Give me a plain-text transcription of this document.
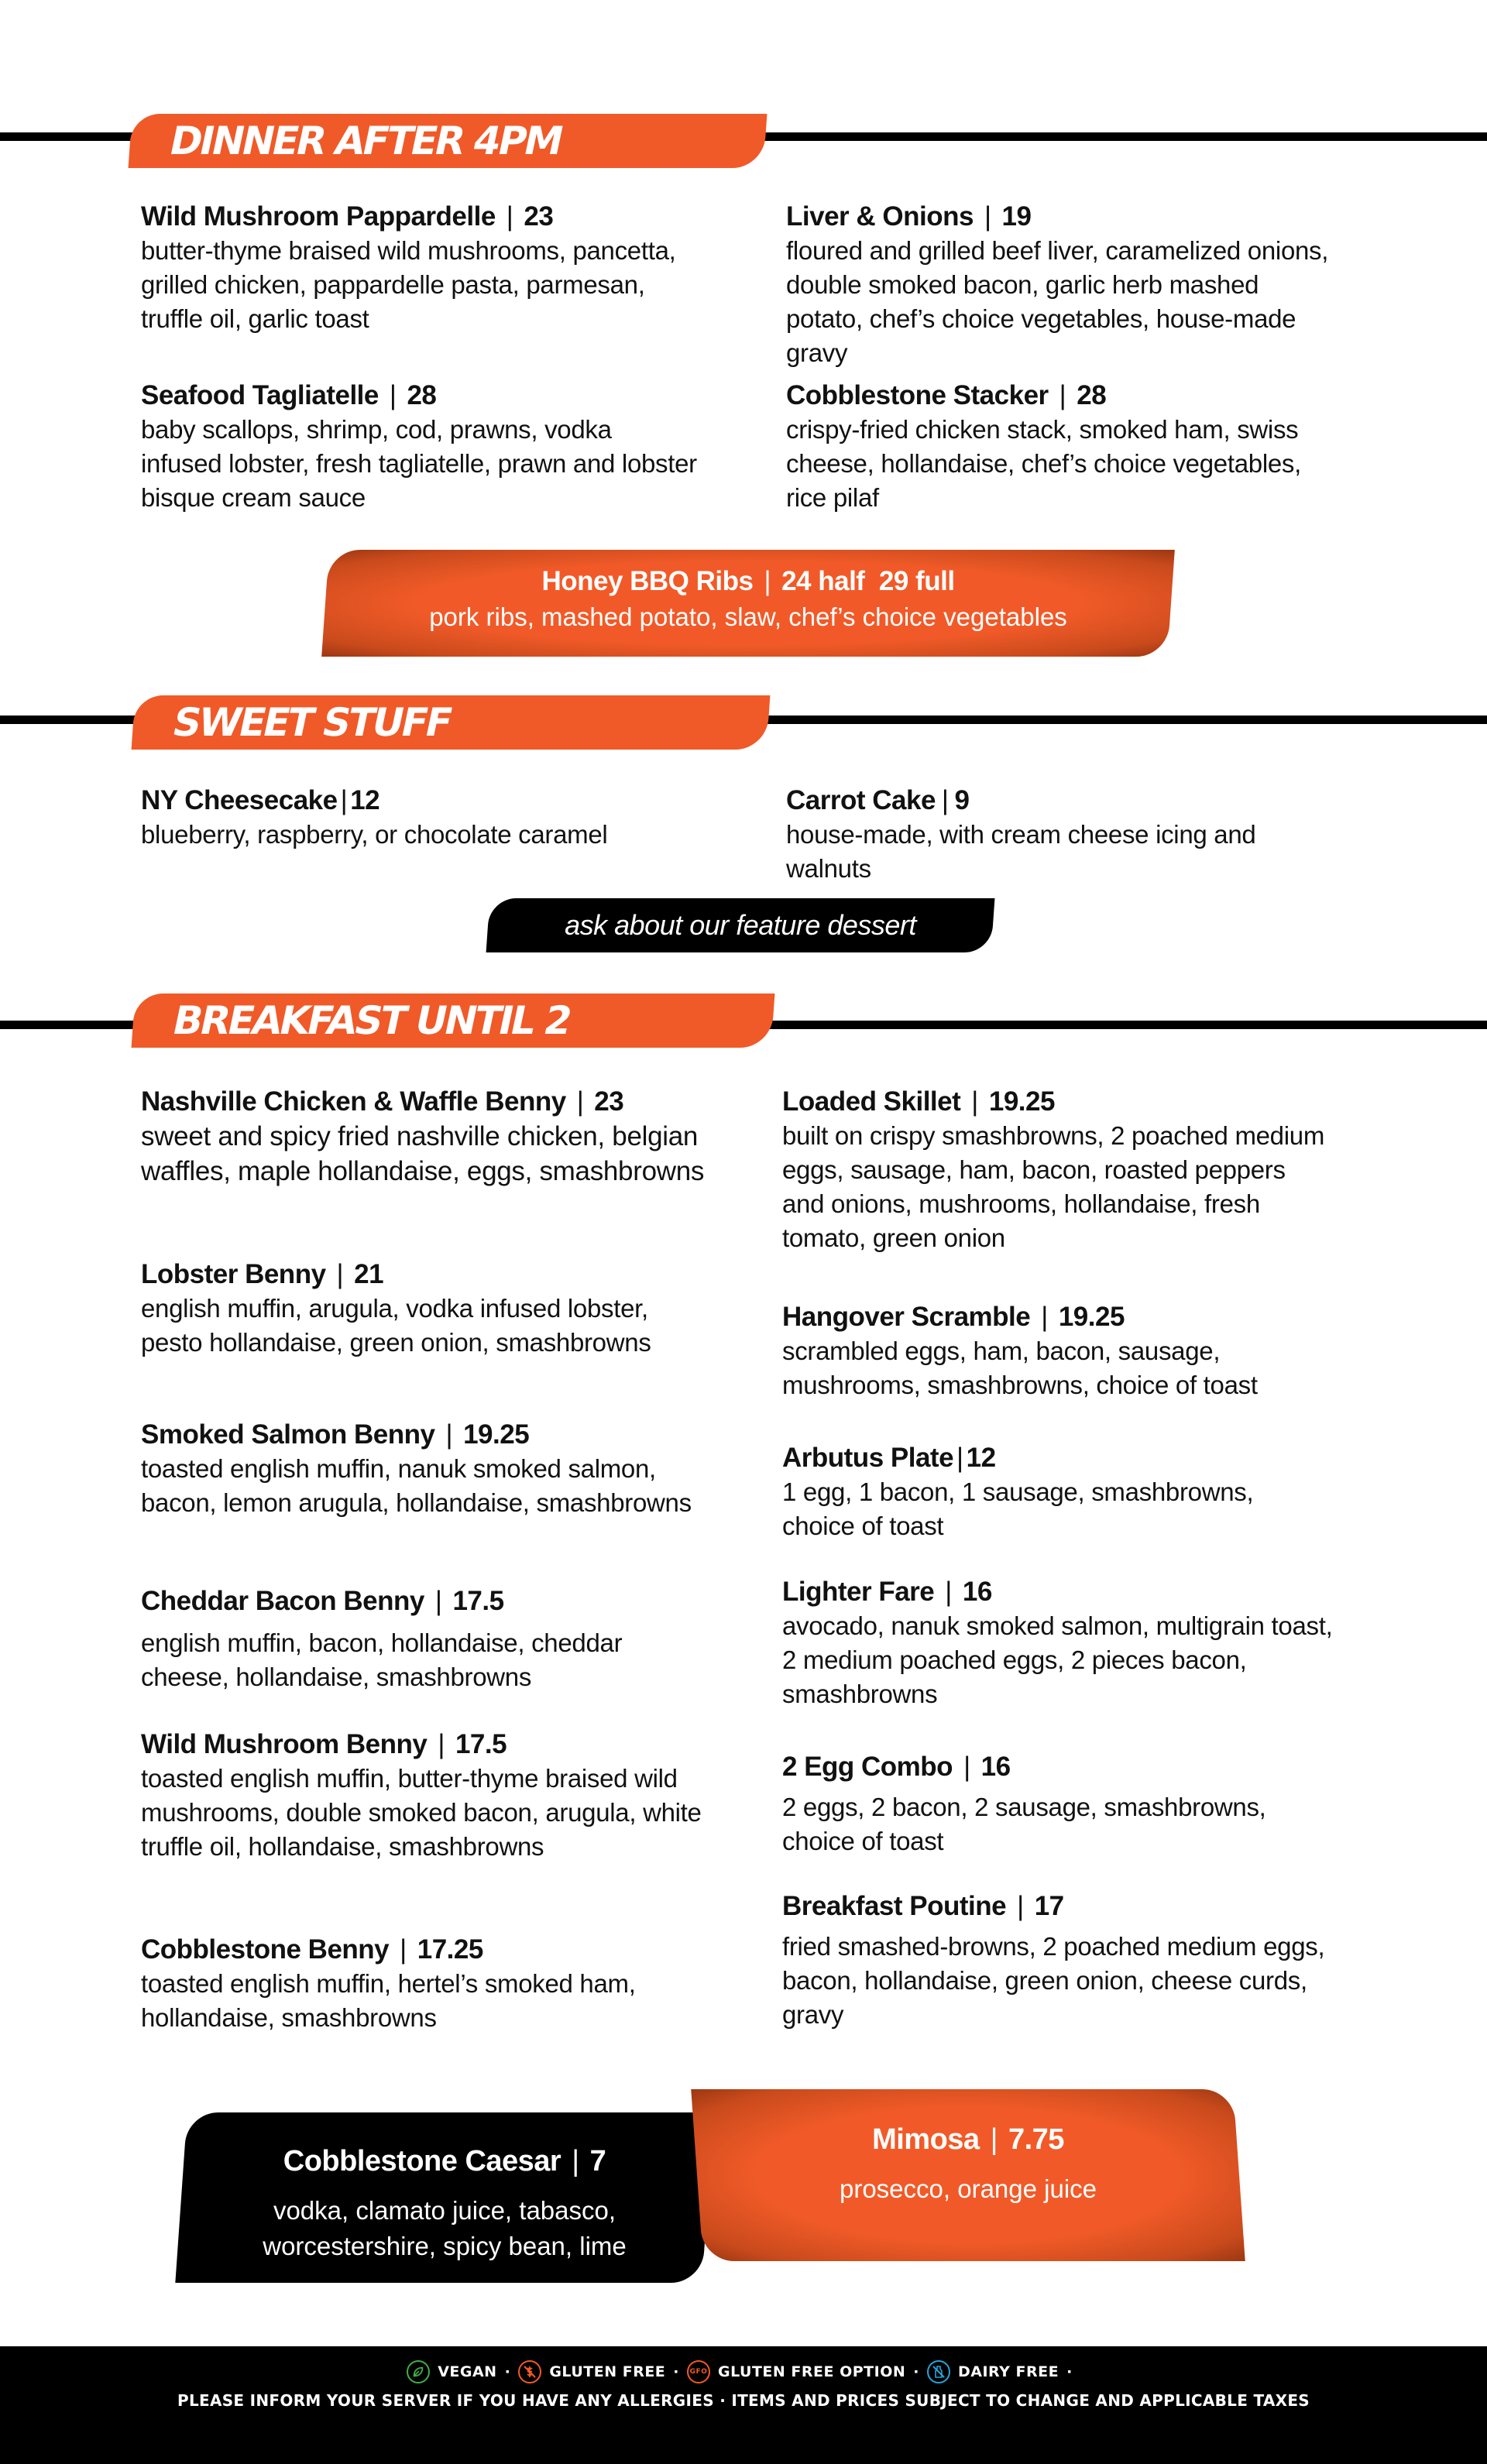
DINNER AFTER 4PM
Wild Mushroom Pappardelle | 23
butter-thyme braised wild mushrooms, pancetta, grilled chicken, pappardelle pasta, parmesan, truffle oil, garlic toast
Seafood Tagliatelle | 28
baby scallops, shrimp, cod, prawns, vodka infused lobster, fresh tagliatelle, prawn and lobster bisque cream sauce
Liver & Onions | 19
floured and grilled beef liver, caramelized onions, double smoked bacon, garlic herb mashed potato, chef’s choice vegetables, house-made gravy
Cobblestone Stacker | 28
crispy-fried chicken stack, smoked ham, swiss cheese, hollandaise, chef’s choice vegetables, rice pilaf
Honey BBQ Ribs | 24 half  29 full
pork ribs, mashed potato, slaw, chef’s choice vegetables
SWEET STUFF
NY Cheesecake | 12
blueberry, raspberry, or chocolate caramel
Carrot Cake | 9
house-made, with cream cheese icing and walnuts
ask about our feature dessert
BREAKFAST UNTIL 2
Nashville Chicken & Waffle Benny | 23
sweet and spicy fried nashville chicken, belgian waffles, maple hollandaise, eggs, smashbrowns
Lobster Benny | 21
english muffin, arugula, vodka infused lobster, pesto hollandaise, green onion, smashbrowns
Smoked Salmon Benny | 19.25
toasted english muffin, nanuk smoked salmon, bacon, lemon arugula, hollandaise, smashbrowns
Cheddar Bacon Benny | 17.5
english muffin, bacon, hollandaise, cheddar cheese, hollandaise, smashbrowns
Wild Mushroom Benny | 17.5
toasted english muffin, butter-thyme braised wild mushrooms, double smoked bacon, arugula, white truffle oil, hollandaise, smashbrowns
Cobblestone Benny | 17.25
toasted english muffin, hertel’s smoked ham, hollandaise, smashbrowns
Loaded Skillet | 19.25
built on crispy smashbrowns, 2 poached medium eggs, sausage, ham, bacon, roasted peppers and onions, mushrooms, hollandaise, fresh tomato, green onion
Hangover Scramble | 19.25
scrambled eggs, ham, bacon, sausage, mushrooms, smashbrowns, choice of toast
Arbutus Plate | 12
1 egg, 1 bacon, 1 sausage, smashbrowns, choice of toast
Lighter Fare | 16
avocado, nanuk smoked salmon, multigrain toast, 2 medium poached eggs, 2 pieces bacon, smashbrowns
2 Egg Combo | 16
2 eggs, 2 bacon, 2 sausage, smashbrowns, choice of toast
Breakfast Poutine | 17
fried smashed-browns, 2 poached medium eggs, bacon, hollandaise, green onion, cheese curds, gravy
Cobblestone Caesar | 7
vodka, clamato juice, tabasco,
worcestershire, spicy bean, lime
Mimosa | 7.75
prosecco, orange juice
VEGAN ·	GLUTEN FREE · GFO GLUTEN FREE OPTION ·	DAIRY FREE ·
PLEASE INFORM YOUR SERVER IF YOU HAVE ANY ALLERGIES · ITEMS AND PRICES SUBJECT TO CHANGE AND APPLICABLE TAXES
